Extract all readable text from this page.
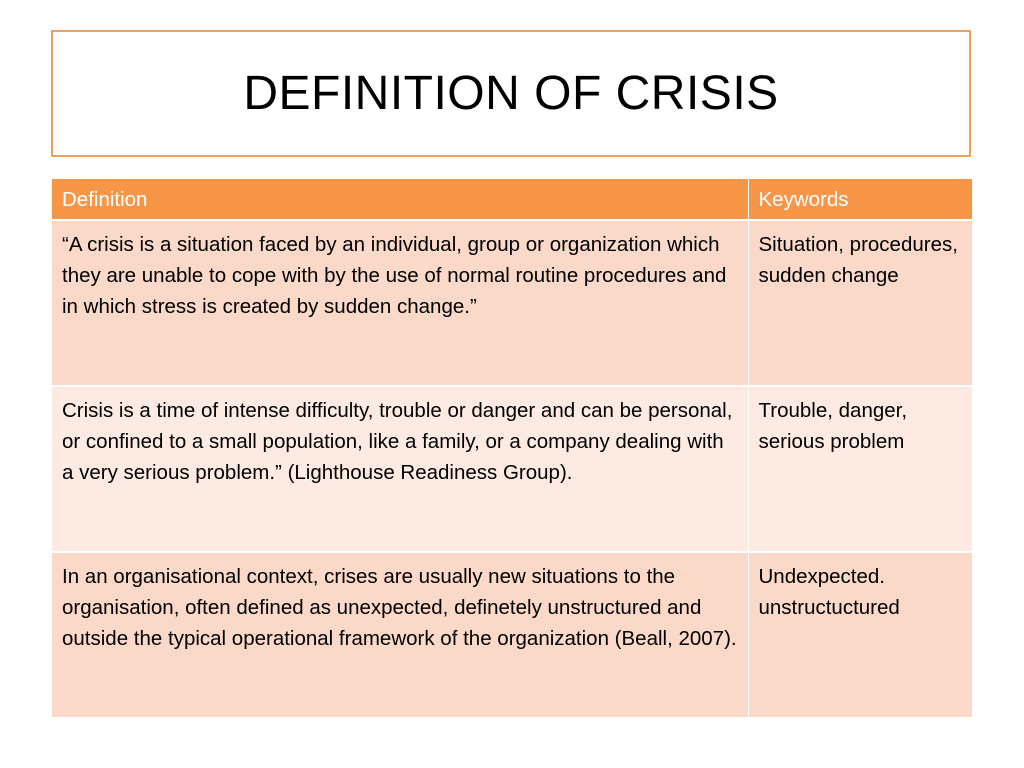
DEFINITION OF CRISIS
Definition	Keywords
“A crisis is a situation faced by an individual, group or organization which they are unable to cope with by the use of normal routine procedures and in which stress is created by sudden change.”	Situation, procedures, sudden change
Crisis is a time of intense difficulty, trouble or danger and can be personal, or confined to a small population, like a family, or a company dealing with a very serious problem.” (Lighthouse Readiness Group).	Trouble, danger, serious problem
In an organisational context, crises are usually new situations to the organisation, often defined as unexpected, definetely unstructured and outside the typical operational framework of the organization (Beall, 2007).	Undexpected. unstructuctured
